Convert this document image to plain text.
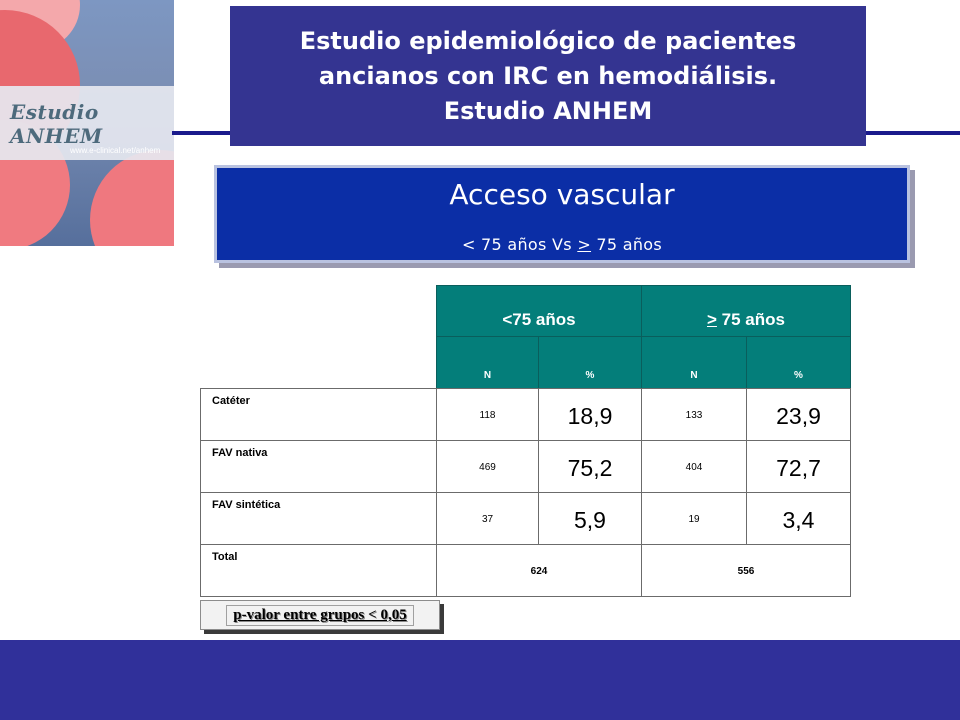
Estudio ANHEM
www.e-clinical.net/anhem
Estudio epidemiológico de pacientes
ancianos con IRC en hemodiálisis.
Estudio ANHEM
Acceso vascular
< 75 años Vs ≥ 75 años
<75 años	≥ 75 años
N	%	N	%
Catéter
118	18,9	133	23,9
FAV nativa
469	75,2	404	72,7
FAV sintética
37	5,9	19	3,4
Total
624	556
p-valor entre grupos < 0,05
